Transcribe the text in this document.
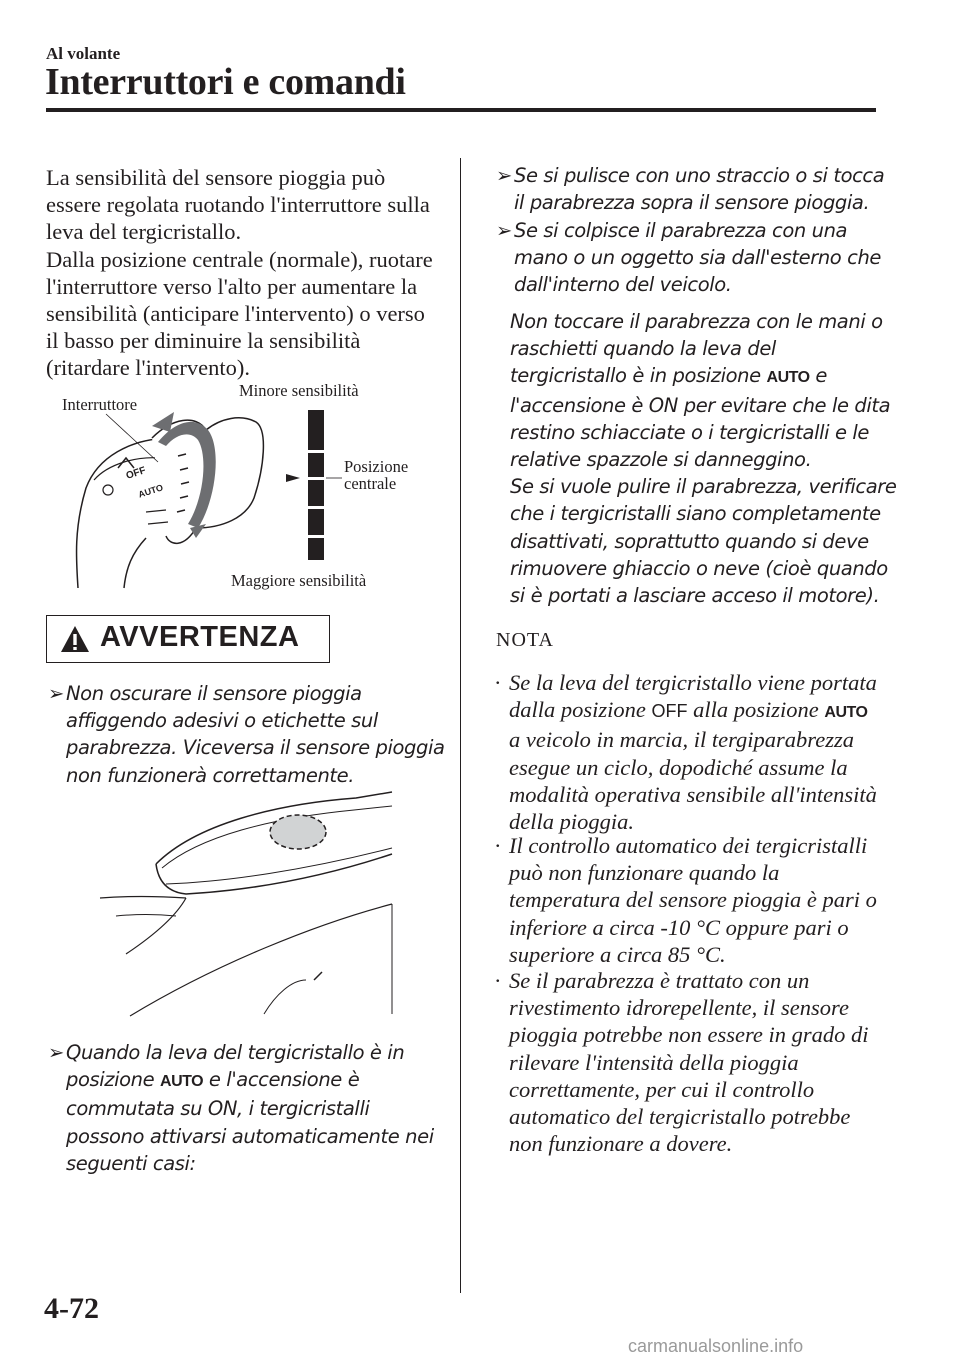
Al volante
Interruttori e comandi
La sensibilità del sensore pioggia può
essere regolata ruotando l'interruttore sulla
leva del tergicristallo.
Dalla posizione centrale (normale), ruotare
l'interruttore verso l'alto per aumentare la
sensibilità (anticipare l'intervento) o verso
il basso per diminuire la sensibilità
(ritardare l'intervento).
Interruttore
Minore sensibilità
Posizione
centrale
Maggiore sensibilità
OFF
AUTO
AVVERTENZA
➢ Non oscurare il sensore pioggia
affiggendo adesivi o etichette sul
parabrezza. Viceversa il sensore pioggia
non funzionerà correttamente.
➢ Quando la leva del tergicristallo è in
posizione AUTO e l'accensione è
commutata su ON, i tergicristalli
possono attivarsi automaticamente nei
seguenti casi:
➢ Se si pulisce con uno straccio o si tocca
il parabrezza sopra il sensore pioggia.
➢ Se si colpisce il parabrezza con una
mano o un oggetto sia dall'esterno che
dall'interno del veicolo.
Non toccare il parabrezza con le mani o
raschietti quando la leva del
tergicristallo è in posizione AUTO e
l'accensione è ON per evitare che le dita
restino schiacciate o i tergicristalli e le
relative spazzole si danneggino.
Se si vuole pulire il parabrezza, verificare
che i tergicristalli siano completamente
disattivati, soprattutto quando si deve
rimuovere ghiaccio o neve (cioè quando
si è portati a lasciare acceso il motore).
NOTA
· Se la leva del tergicristallo viene portata
dalla posizione OFF alla posizione AUTO
a veicolo in marcia, il tergiparabrezza
esegue un ciclo, dopodiché assume la
modalità operativa sensibile all'intensità
della pioggia.
· Il controllo automatico dei tergicristalli
può non funzionare quando la
temperatura del sensore pioggia è pari o
inferiore a circa -10 °C oppure pari o
superiore a circa 85 °C.
· Se il parabrezza è trattato con un
rivestimento idrorepellente, il sensore
pioggia potrebbe non essere in grado di
rilevare l'intensità della pioggia
correttamente, per cui il controllo
automatico del tergicristallo potrebbe
non funzionare a dovere.
4-72
carmanualsonline.info
